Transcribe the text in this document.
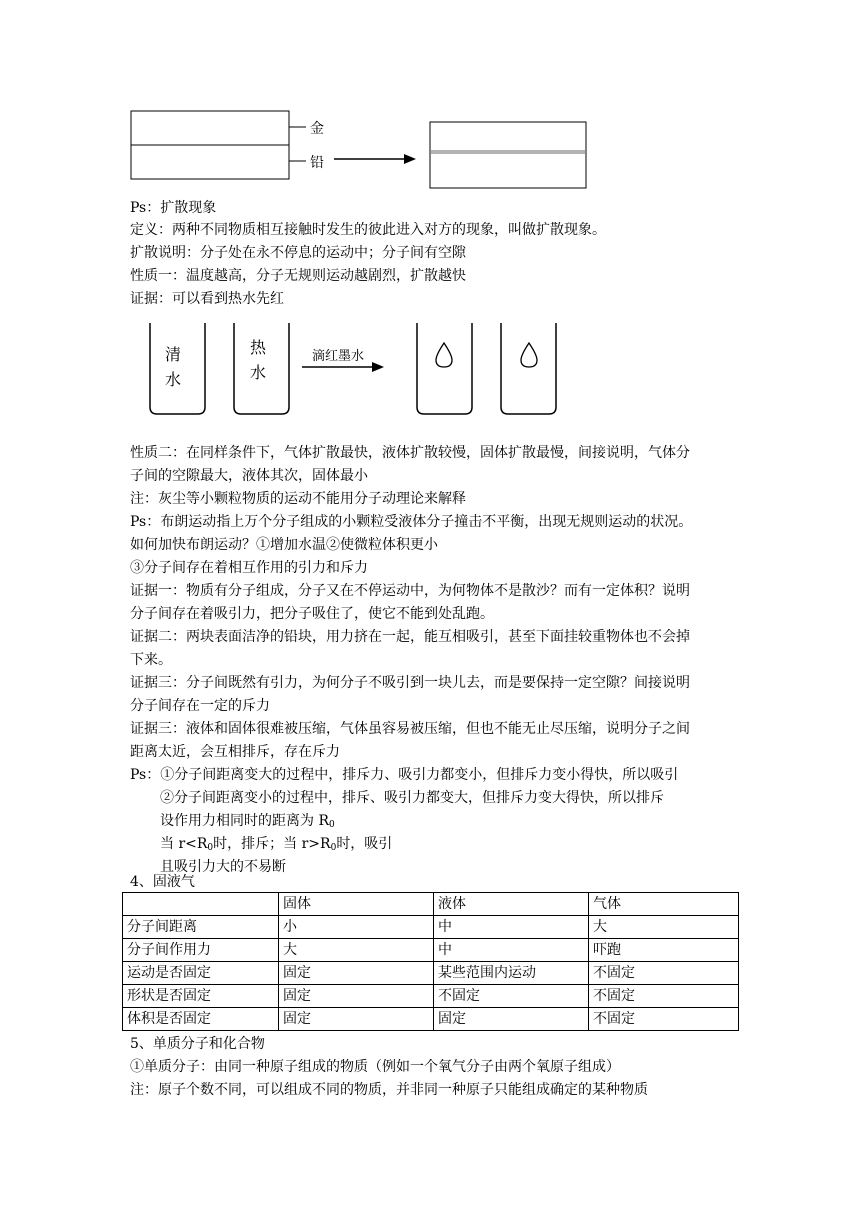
金
铅
Ps：扩散现象
定义：两种不同物质相互接触时发生的彼此进入对方的现象，叫做扩散现象。
扩散说明：分子处在永不停息的运动中；分子间有空隙
性质一：温度越高，分子无规则运动越剧烈，扩散越快
证据：可以看到热水先红
清
水
热
水
滴红墨水
性质二：在同样条件下，气体扩散最快，液体扩散较慢，固体扩散最慢，间接说明，气体分
子间的空隙最大，液体其次，固体最小
注：灰尘等小颗粒物质的运动不能用分子动理论来解释
Ps：布朗运动指上万个分子组成的小颗粒受液体分子撞击不平衡，出现无规则运动的状况。
如何加快布朗运动？①增加水温②使微粒体积更小
③分子间存在着相互作用的引力和斥力
证据一：物质有分子组成，分子又在不停运动中，为何物体不是散沙？而有一定体积？说明
分子间存在着吸引力，把分子吸住了，使它不能到处乱跑。
证据二：两块表面洁净的铅块，用力挤在一起，能互相吸引，甚至下面挂较重物体也不会掉
下来。
证据三：分子间既然有引力，为何分子不吸引到一块儿去，而是要保持一定空隙？间接说明
分子间存在一定的斥力
证据三：液体和固体很难被压缩，气体虽容易被压缩，但也不能无止尽压缩，说明分子之间
距离太近，会互相排斥，存在斥力
Ps：①分子间距离变大的过程中，排斥力、吸引力都变小，但排斥力变小得快，所以吸引
②分子间距离变小的过程中，排斥、吸引力都变大，但排斥力变大得快，所以排斥
设作用力相同时的距离为 $R_0$
当 $r<R_0$时，排斥；当 $r>R_0$时，吸引
且吸引力大的不易断
4、固液气
	固体	液体	气体
分子间距离	小	中	大
分子间作用力	大	中	吓跑
运动是否固定	固定	某些范围内运动	不固定
形状是否固定	固定	不固定	不固定
体积是否固定	固定	固定	不固定
5、单质分子和化合物
①单质分子：由同一种原子组成的物质（例如一个氧气分子由两个氧原子组成）
注：原子个数不同，可以组成不同的物质，并非同一种原子只能组成确定的某种物质
